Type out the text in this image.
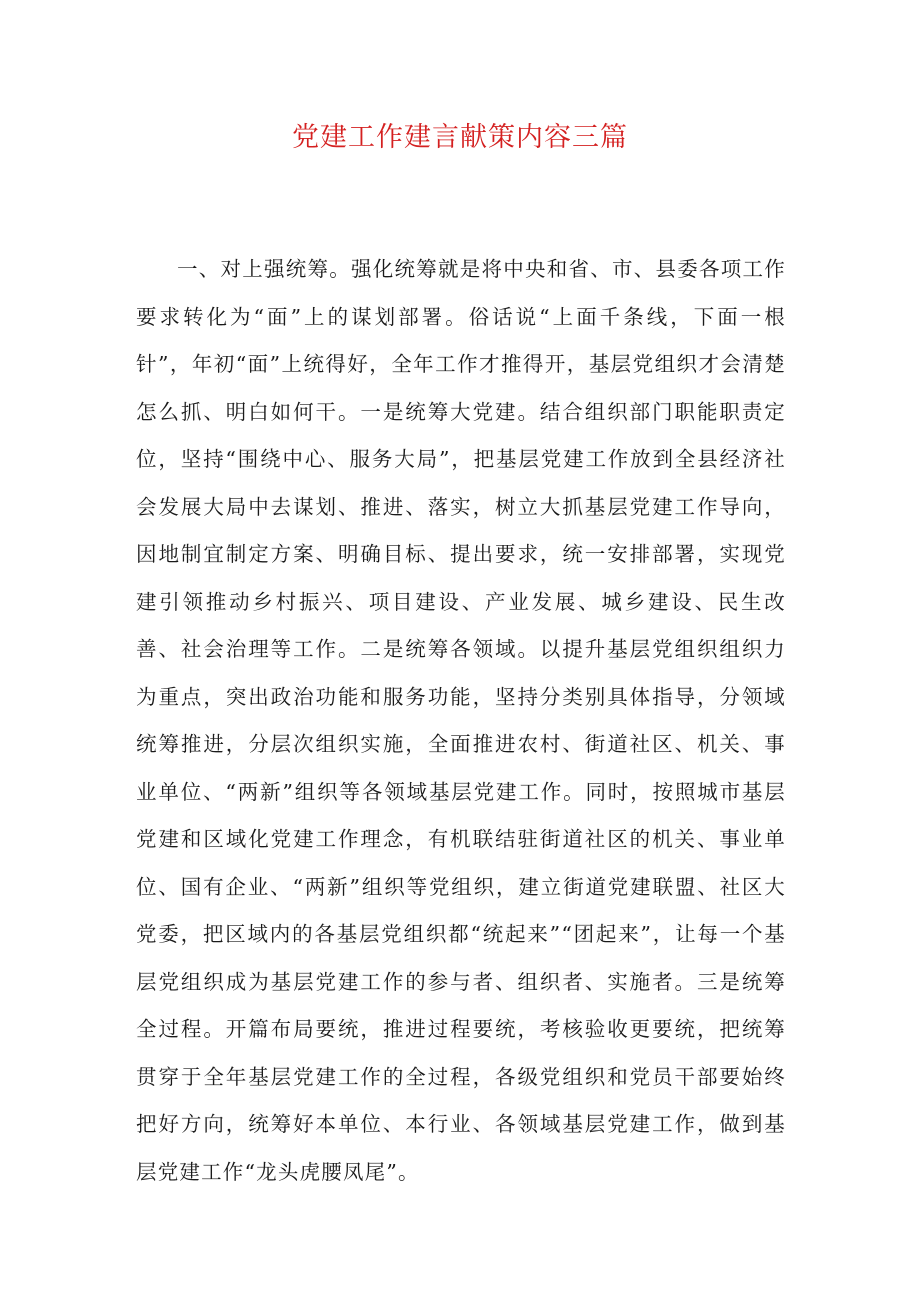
党建工作建言献策内容三篇

一、对上强统筹。强化统筹就是将中央和省、市、县委各项工作要求转化为“面”上的谋划部署。俗话说“上面千条线，下面一根针”，年初“面”上统得好，全年工作才推得开，基层党组织才会清楚怎么抓、明白如何干。一是统筹大党建。结合组织部门职能职责定位，坚持“围绕中心、服务大局”，把基层党建工作放到全县经济社会发展大局中去谋划、推进、落实，树立大抓基层党建工作导向，因地制宜制定方案、明确目标、提出要求，统一安排部署，实现党建引领推动乡村振兴、项目建设、产业发展、城乡建设、民生改善、社会治理等工作。二是统筹各领域。以提升基层党组织组织力为重点，突出政治功能和服务功能，坚持分类别具体指导，分领域统筹推进，分层次组织实施，全面推进农村、街道社区、机关、事业单位、“两新”组织等各领域基层党建工作。同时，按照城市基层党建和区域化党建工作理念，有机联结驻街道社区的机关、事业单位、国有企业、“两新”组织等党组织，建立街道党建联盟、社区大党委，把区域内的各基层党组织都“统起来”“团起来”，让每一个基层党组织成为基层党建工作的参与者、组织者、实施者。三是统筹全过程。开篇布局要统，推进过程要统，考核验收更要统，把统筹贯穿于全年基层党建工作的全过程，各级党组织和党员干部要始终把好方向，统筹好本单位、本行业、各领域基层党建工作，做到基层党建工作“龙头虎腰凤尾”。
